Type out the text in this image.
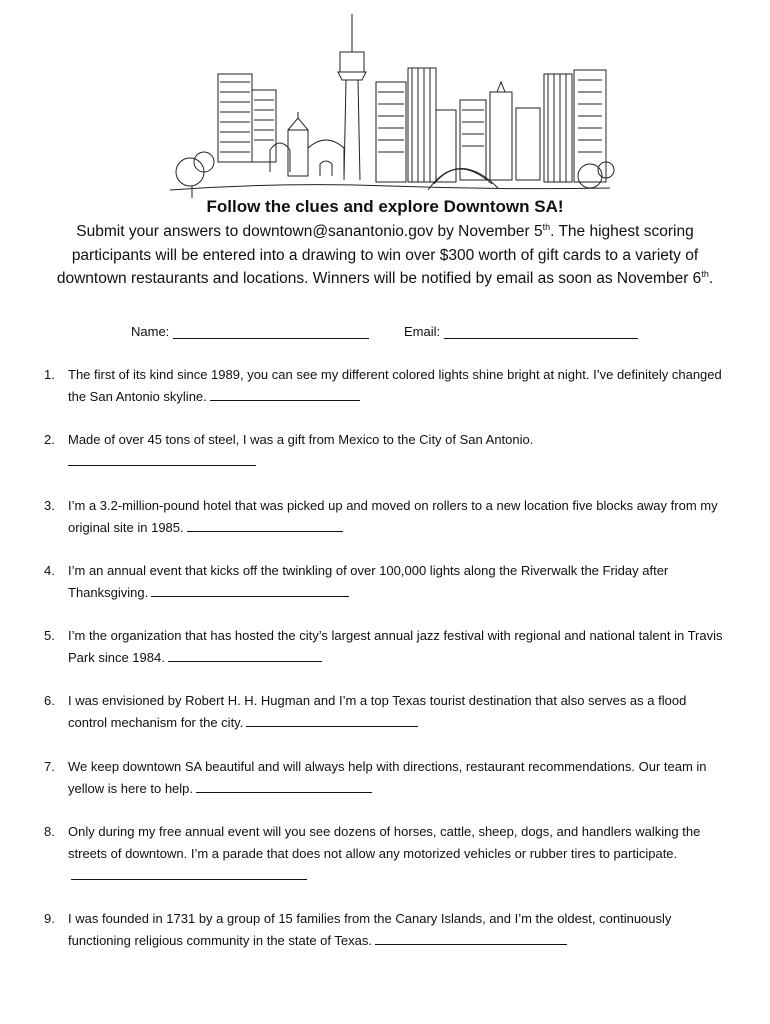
Follow the clues and explore Downtown SA!
Submit your answers to downtown@sanantonio.gov by November 5th. The highest scoring participants will be entered into a drawing to win over $300 worth of gift cards to a variety of downtown restaurants and locations. Winners will be notified by email as soon as November 6th.
Name:	Email:
1. The first of its kind since 1989, you can see my different colored lights shine bright at night. I’ve definitely changed the San Antonio skyline.
2. Made of over 45 tons of steel, I was a gift from Mexico to the City of San Antonio.

3. I’m a 3.2-million-pound hotel that was picked up and moved on rollers to a new location five blocks away from my original site in 1985.
4. I’m an annual event that kicks off the twinkling of over 100,000 lights along the Riverwalk the Friday after Thanksgiving.
5. I’m the organization that has hosted the city’s largest annual jazz festival with regional and national talent in Travis Park since 1984.
6. I was envisioned by Robert H. H. Hugman and I’m a top Texas tourist destination that also serves as a flood control mechanism for the city.
7. We keep downtown SA beautiful and will always help with directions, restaurant recommendations. Our team in yellow is here to help.
8. Only during my free annual event will you see dozens of horses, cattle, sheep, dogs, and handlers walking the streets of downtown. I’m a parade that does not allow any motorized vehicles or rubber tires to participate.
9. I was founded in 1731 by a group of 15 families from the Canary Islands, and I’m the oldest, continuously functioning religious community in the state of Texas.
